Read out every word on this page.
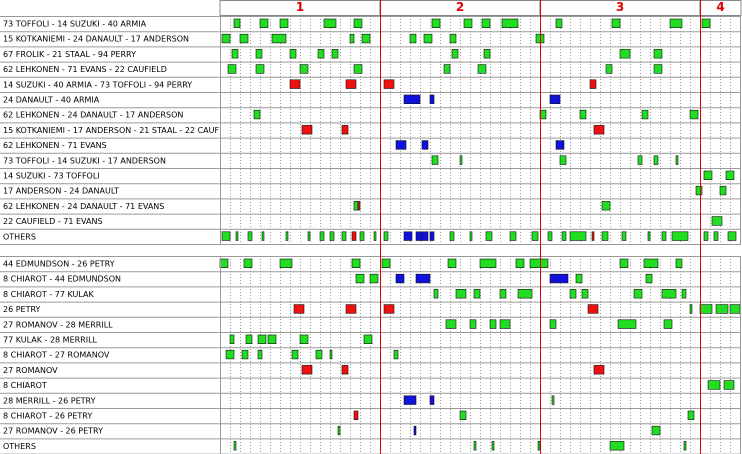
1	2	3	4
73 TOFFOLI - 14 SUZUKI - 40 ARMIA
15 KOTKANIEMI - 24 DANAULT - 17 ANDERSON
67 FROLIK - 21 STAAL - 94 PERRY
62 LEHKONEN - 71 EVANS - 22 CAUFIELD
14 SUZUKI - 40 ARMIA - 73 TOFFOLI - 94 PERRY
24 DANAULT - 40 ARMIA
62 LEHKONEN - 24 DANAULT - 17 ANDERSON
15 KOTKANIEMI - 17 ANDERSON - 21 STAAL - 22 CAUF
62 LEHKONEN - 71 EVANS
73 TOFFOLI - 14 SUZUKI - 17 ANDERSON
14 SUZUKI - 73 TOFFOLI
17 ANDERSON - 24 DANAULT
62 LEHKONEN - 24 DANAULT - 71 EVANS
22 CAUFIELD - 71 EVANS
OTHERS
44 EDMUNDSON - 26 PETRY
8 CHIAROT - 44 EDMUNDSON
8 CHIAROT - 77 KULAK
26 PETRY
27 ROMANOV - 28 MERRILL
77 KULAK - 28 MERRILL
8 CHIAROT - 27 ROMANOV
27 ROMANOV
8 CHIAROT
28 MERRILL - 26 PETRY
8 CHIAROT - 26 PETRY
27 ROMANOV - 26 PETRY
OTHERS
